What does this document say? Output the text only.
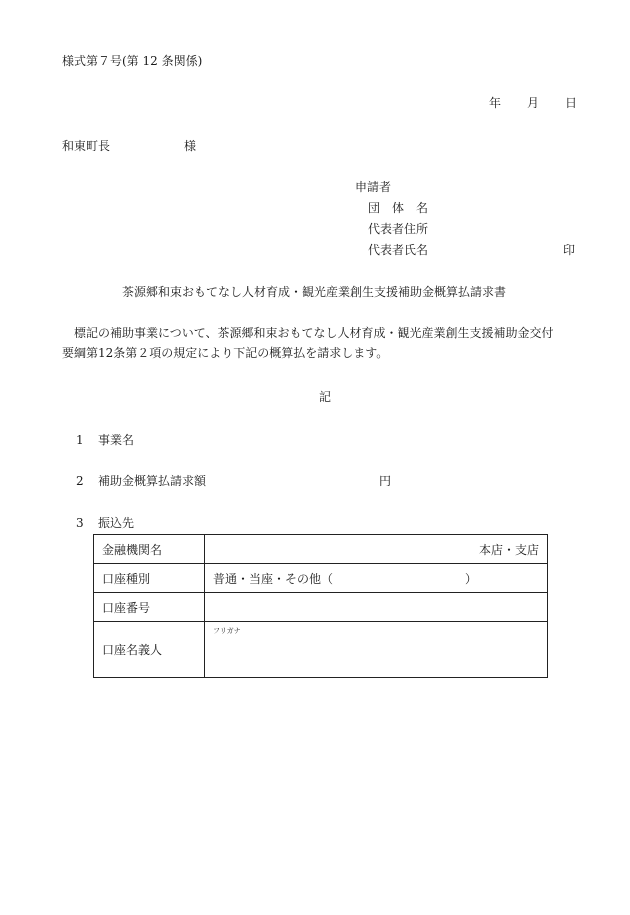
様式第７号(第 12 条関係)
年 月 日
和東町長	様
申請者
団　体　名
代表者住所
代表者氏名	印
茶源郷和束おもてなし人材育成・観光産業創生支援補助金概算払請求書
標記の補助事業について、茶源郷和束おもてなし人材育成・観光産業創生支援補助金交付
要綱第12条第２項の規定により下記の概算払を請求します。
記
1 事業名
2 補助金概算払請求額	円
3 振込先
金融機関名	本店・支店
口座種別	普通・当座・その他（　　　　　　　　　　　）
口座番号	
口座名義人	フリガナ
